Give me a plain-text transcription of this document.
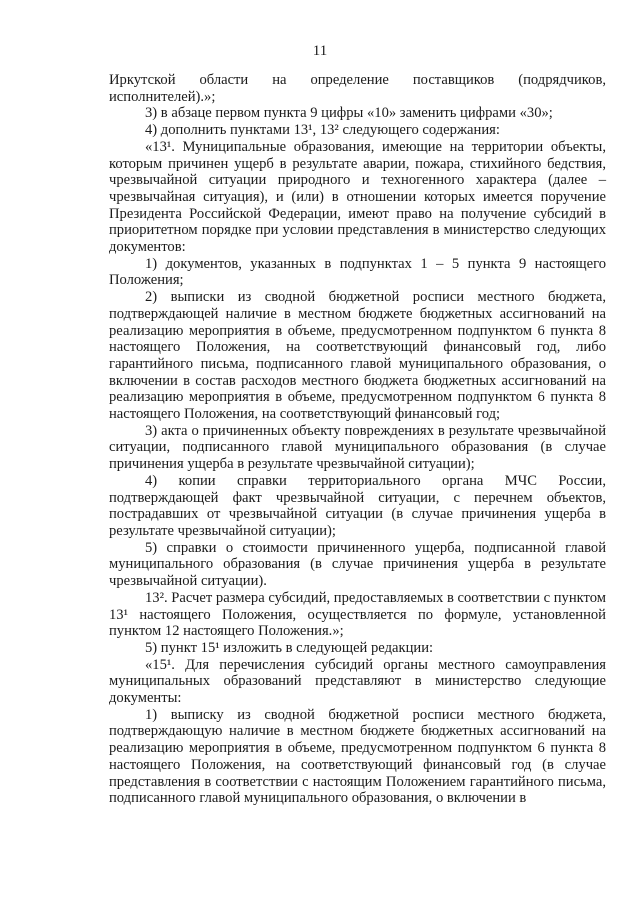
11

Иркутской области на определение поставщиков (подрядчиков, исполнителей).»;

3) в абзаце первом пункта 9 цифры «10» заменить цифрами «30»;

4) дополнить пунктами 13¹, 13² следующего содержания:

«13¹. Муниципальные образования, имеющие на территории объекты, которым причинен ущерб в результате аварии, пожара, стихийного бедствия, чрезвычайной ситуации природного и техногенного характера (далее – чрезвычайная ситуация), и (или) в отношении которых имеется поручение Президента Российской Федерации, имеют право на получение субсидий в приоритетном порядке при условии представления в министерство следующих документов:

1) документов, указанных в подпунктах 1 – 5 пункта 9 настоящего Положения;

2) выписки из сводной бюджетной росписи местного бюджета, подтверждающей наличие в местном бюджете бюджетных ассигнований на реализацию мероприятия в объеме, предусмотренном подпунктом 6 пункта 8 настоящего Положения, на соответствующий финансовый год, либо гарантийного письма, подписанного главой муниципального образования, о включении в состав расходов местного бюджета бюджетных ассигнований на реализацию мероприятия в объеме, предусмотренном подпунктом 6 пункта 8 настоящего Положения, на соответствующий финансовый год;

3) акта о причиненных объекту повреждениях в результате чрезвычайной ситуации, подписанного главой муниципального образования (в случае причинения ущерба в результате чрезвычайной ситуации);

4) копии справки территориального органа МЧС России, подтверждающей факт чрезвычайной ситуации, с перечнем объектов, пострадавших от чрезвычайной ситуации (в случае причинения ущерба в результате чрезвычайной ситуации);

5) справки о стоимости причиненного ущерба, подписанной главой муниципального образования (в случае причинения ущерба в результате чрезвычайной ситуации).

13². Расчет размера субсидий, предоставляемых в соответствии с пунктом 13¹ настоящего Положения, осуществляется по формуле, установленной пунктом 12 настоящего Положения.»;

5) пункт 15¹ изложить в следующей редакции:

«15¹. Для перечисления субсидий органы местного самоуправления муниципальных образований представляют в министерство следующие документы:

1) выписку из сводной бюджетной росписи местного бюджета, подтверждающую наличие в местном бюджете бюджетных ассигнований на реализацию мероприятия в объеме, предусмотренном подпунктом 6 пункта 8 настоящего Положения, на соответствующий финансовый год (в случае представления в соответствии с настоящим Положением гарантийного письма, подписанного главой муниципального образования, о включении в
